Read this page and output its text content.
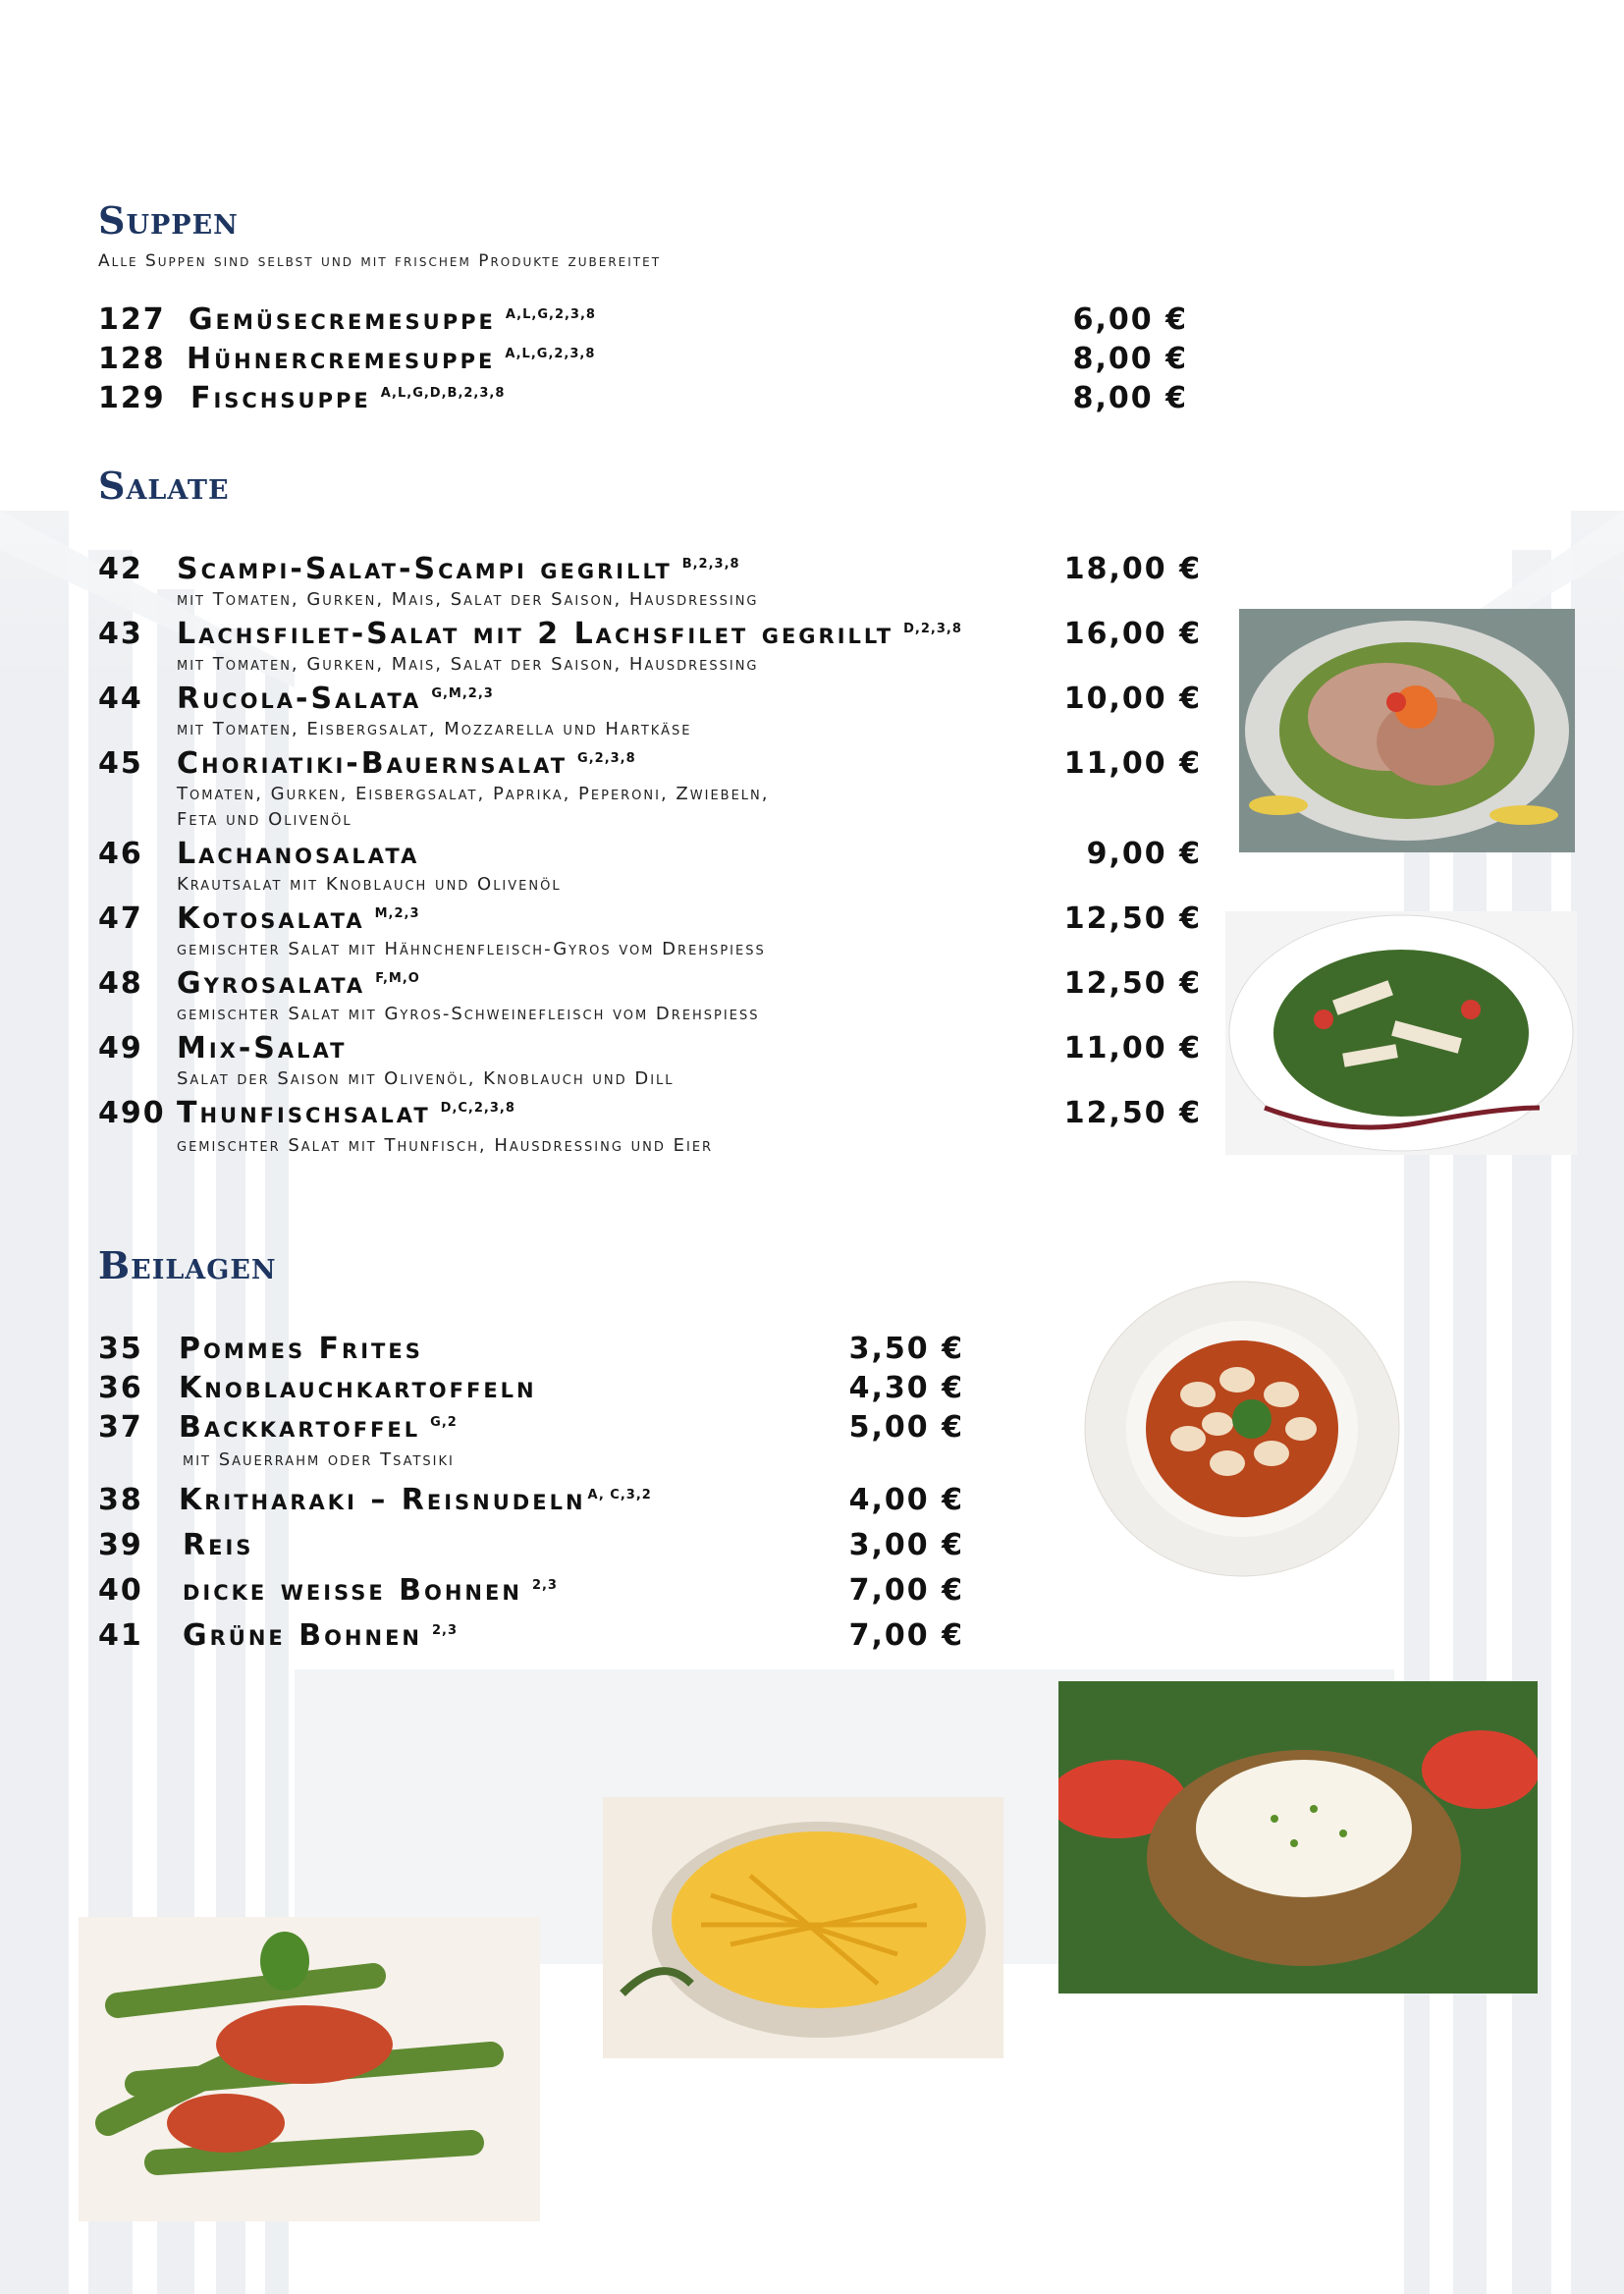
Suppen

Alle Suppen sind selbst und mit frischem Produkte zubereitet

127 Gemüsecremesuppe $^{A,L,G,2,3,8}$	6,00 €
128 Hühnercremesuppe $^{A,L,G,2,3,8}$	8,00 €
129 Fischsuppe $^{A,L,G,D,B,2,3,8}$	8,00 €
Salate
42 Scampi-Salat-Scampi gegrillt $^{B,2,3,8}$	18,00 €
mit Tomaten, Gurken, Mais, Salat der Saison, Hausdressing
43 Lachsfilet-Salat mit 2 Lachsfilet gegrillt $^{D,2,3,8}$	16,00 €
mit Tomaten, Gurken, Mais, Salat der Saison, Hausdressing
44 Rucola-Salata $^{G,M,2,3}$	10,00 €
mit Tomaten, Eisbergsalat, Mozzarella und Hartkäse
45 Choriatiki-Bauernsalat $^{G,2,3,8}$	11,00 €
Tomaten, Gurken, Eisbergsalat, Paprika, Peperoni, Zwiebeln,
Feta und Olivenöl
46 Lachanosalata	9,00 €
Krautsalat mit Knoblauch und Olivenöl
47 Kotosalata $^{M,2,3}$	12,50 €
gemischter Salat mit Hähnchenfleisch-Gyros vom Drehspiess
48 Gyrosalata $^{F,M,O}$	12,50 €
gemischter Salat mit Gyros-Schweinefleisch vom Drehspiess
49 Mix-Salat	11,00 €
Salat der Saison mit Olivenöl, Knoblauch und Dill
490 Thunfischsalat $^{D,C,2,3,8}$	12,50 €
gemischter Salat mit Thunfisch, Hausdressing und Eier
Beilagen
35 Pommes Frites	3,50 €
36 Knoblauchkartoffeln	4,30 €
37 Backkartoffel $^{G,2}$	5,00 €
mit Sauerrahm oder Tsatsiki
38 Kritharaki – Reisnudeln $^{A, C,3,2}$	4,00 €
39 Reis	3,00 €
40 dicke weisse Bohnen $^{2,3}$	7,00 €
41 Grüne Bohnen $^{2,3}$	7,00 €
